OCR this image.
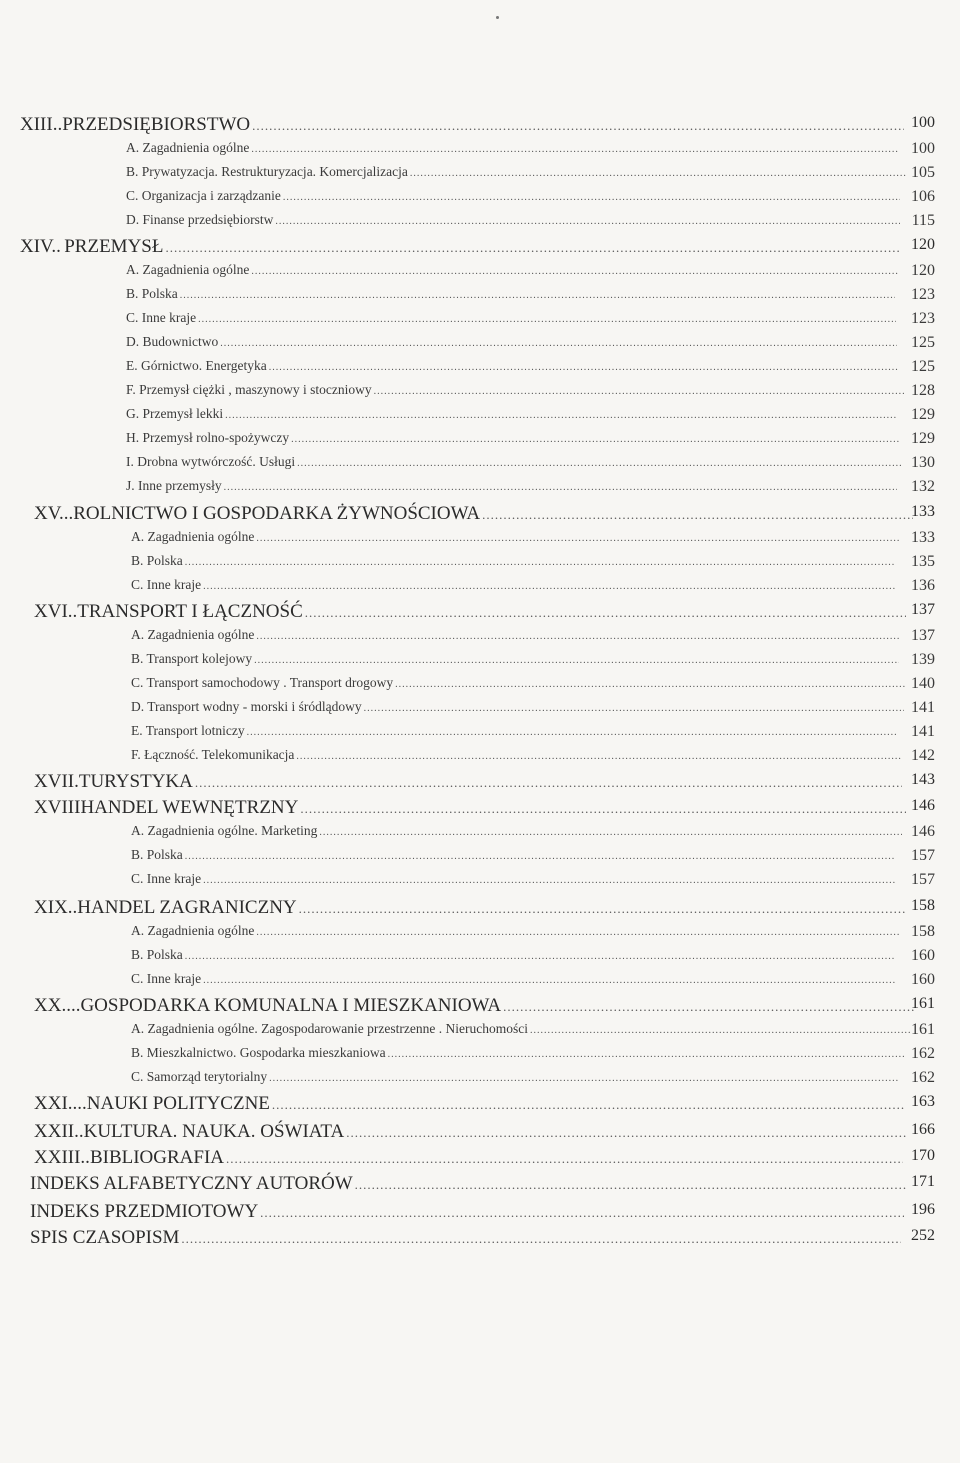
XIII.. PRZEDSIĘBIORSTWO .....	100
A. Zagadnienia ogólne .....	100
B. Prywatyzacja. Restrukturyzacja. Komercjalizacja .....	105
C. Organizacja i zarządzanie .....	106
D. Finanse przedsiębiorstw .....	115
XIV.. PRZEMYSŁ .....	120
A. Zagadnienia ogólne .....	120
B. Polska .....	123
C. Inne kraje .....	123
D. Budownictwo .....	125
E. Górnictwo. Energetyka .....	125
F. Przemysł ciężki , maszynowy i stoczniowy .....	128
G. Przemysł lekki .....	129
H. Przemysł rolno-spożywczy .....	129
I. Drobna wytwórczość. Usługi .....	130
J. Inne przemysły .....	132
XV... ROLNICTWO I GOSPODARKA ŻYWNOŚCIOWA .....	133
A. Zagadnienia ogólne .....	133
B. Polska .....	135
C. Inne kraje .....	136
XVI.. TRANSPORT I ŁĄCZNOŚĆ .....	137
A. Zagadnienia ogólne .....	137
B. Transport kolejowy .....	139
C. Transport samochodowy . Transport drogowy .....	140
D. Transport wodny - morski i śródlądowy .....	141
E. Transport lotniczy .....	141
F. Łączność. Telekomunikacja .....	142
XVII. TURYSTYKA .....	143
XVIII HANDEL WEWNĘTRZNY .....	146
A. Zagadnienia ogólne. Marketing .....	146
B. Polska .....	157
C. Inne kraje .....	157
XIX.. HANDEL ZAGRANICZNY .....	158
A. Zagadnienia ogólne .....	158
B. Polska .....	160
C. Inne kraje .....	160
XX.... GOSPODARKA KOMUNALNA I MIESZKANIOWA .....	161
A. Zagadnienia ogólne. Zagospodarowanie przestrzenne . Nieruchomości .....	161
B. Mieszkalnictwo. Gospodarka mieszkaniowa .....	162
C. Samorząd terytorialny .....	162
XXI.... NAUKI POLITYCZNE .....	163
XXII.. KULTURA. NAUKA. OŚWIATA .....	166
XXIII.. BIBLIOGRAFIA .....	170
INDEKS ALFABETYCZNY AUTORÓW .....	171
INDEKS PRZEDMIOTOWY .....	196
SPIS CZASOPISM .....	252
